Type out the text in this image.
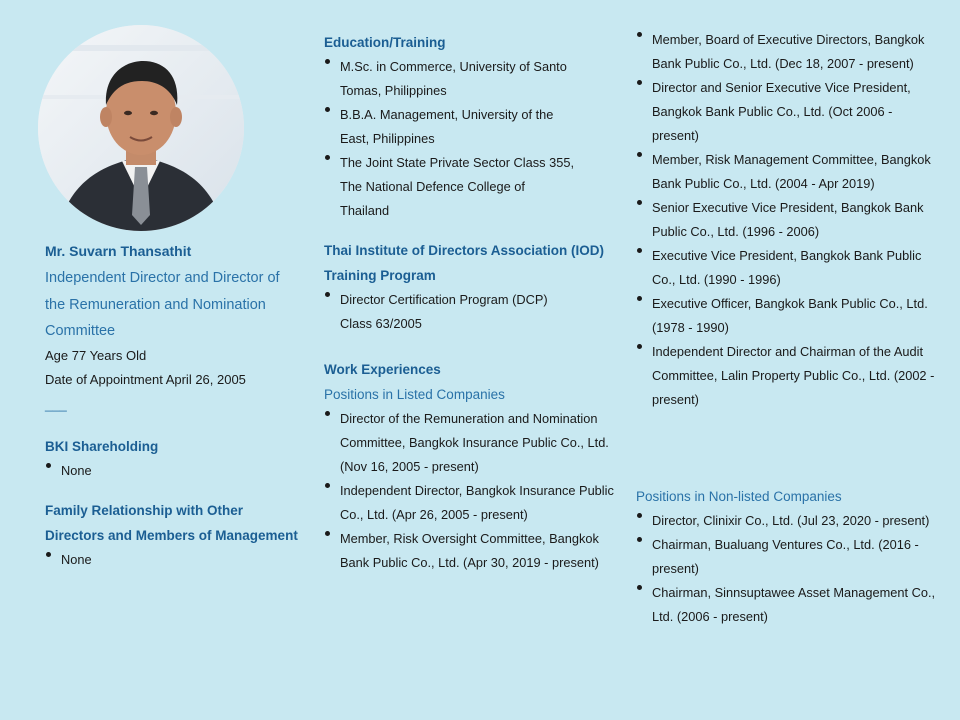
Mr. Suvarn Thansathit
Independent Director and Director of the Remuneration and Nomination Committee
Age 77 Years Old
Date of Appointment April 26, 2005
___
BKI Shareholding
None
Family Relationship with Other Directors and Members of Management
None
Education/Training
M.Sc. in Commerce, University of Santo Tomas, Philippines
B.B.A. Management, University of the East, Philippines
The Joint State Private Sector Class 355, The National Defence College of Thailand
Thai Institute of Directors Association (IOD) Training Program
Director Certification Program (DCP) Class 63/2005
Work Experiences
Positions in Listed Companies
Director of the Remuneration and Nomination Committee, Bangkok Insurance Public Co., Ltd. (Nov 16, 2005 - present)
Independent Director, Bangkok Insurance Public Co., Ltd. (Apr 26, 2005 - present)
Member, Risk Oversight Committee, Bangkok Bank Public Co., Ltd. (Apr 30, 2019 - present)
Member, Board of Executive Directors, Bangkok Bank Public Co., Ltd. (Dec 18, 2007 - present)
Director and Senior Executive Vice President, Bangkok Bank Public Co., Ltd. (Oct 2006 - present)
Member, Risk Management Committee, Bangkok Bank Public Co., Ltd. (2004 - Apr 2019)
Senior Executive Vice President, Bangkok Bank Public Co., Ltd. (1996 - 2006)
Executive Vice President, Bangkok Bank Public Co., Ltd. (1990 - 1996)
Executive Officer, Bangkok Bank Public Co., Ltd. (1978 - 1990)
Independent Director and Chairman of the Audit Committee, Lalin Property Public Co., Ltd. (2002 - present)
Positions in Non-listed Companies
Director, Clinixir Co., Ltd. (Jul 23, 2020 - present)
Chairman, Bualuang Ventures Co., Ltd. (2016 - present)
Chairman, Sinnsuptawee Asset Management Co., Ltd. (2006 - present)
